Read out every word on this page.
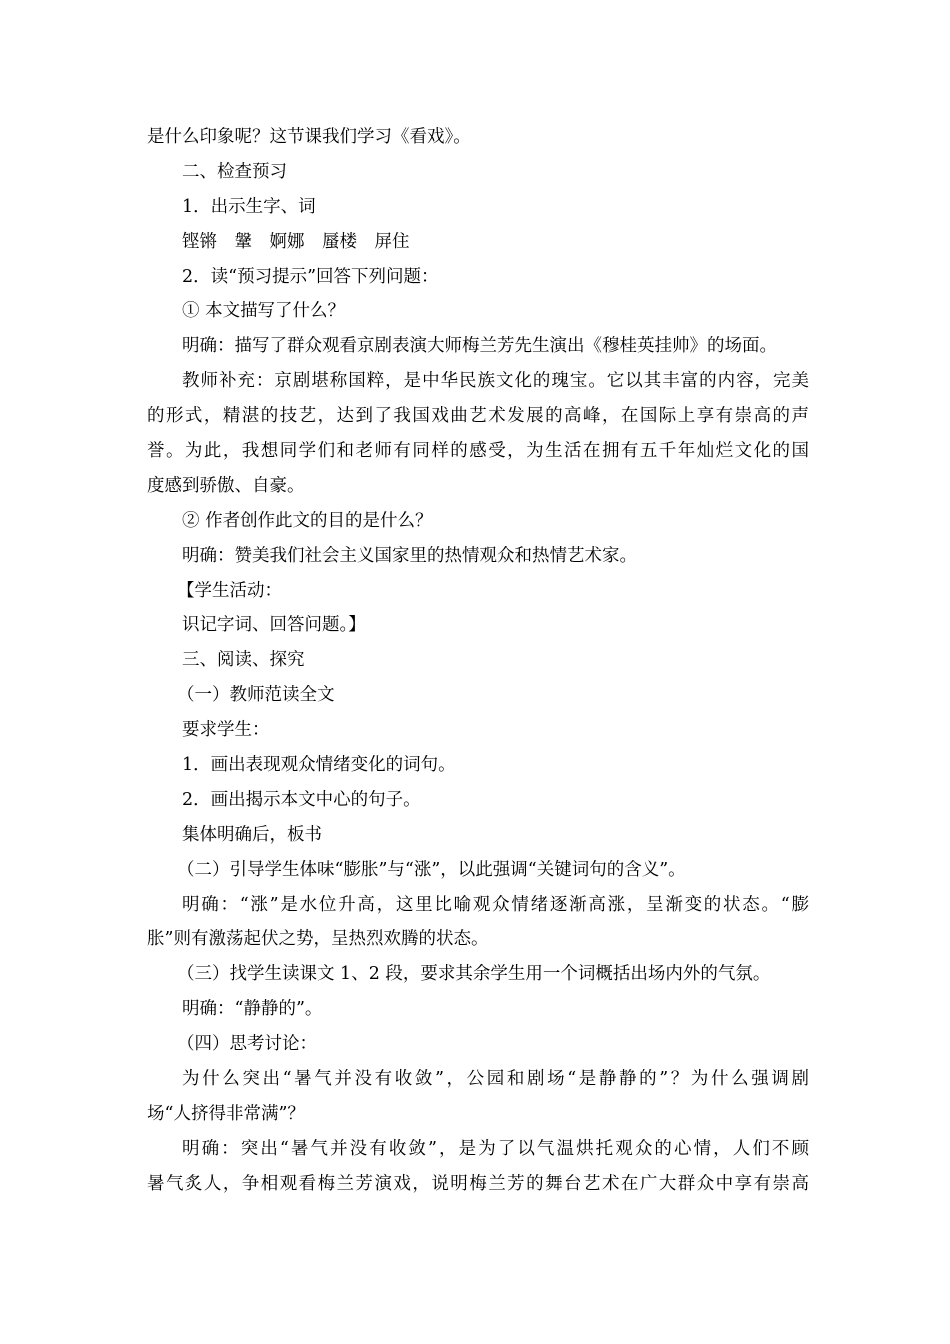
是什么印象呢？这节课我们学习《看戏》。
二、检查预习
1．出示生字、词
铿锵　鞶　婀娜　蜃楼　屏住
2．读“预习提示”回答下列问题：
① 本文描写了什么？
明确：描写了群众观看京剧表演大师梅兰芳先生演出《穆桂英挂帅》的场面。
教师补充：京剧堪称国粹，是中华民族文化的瑰宝。它以其丰富的内容，完美
的形式，精湛的技艺，达到了我国戏曲艺术发展的高峰，在国际上享有崇高的声
誉。为此，我想同学们和老师有同样的感受，为生活在拥有五千年灿烂文化的国
度感到骄傲、自豪。
② 作者创作此文的目的是什么？
明确：赞美我们社会主义国家里的热情观众和热情艺术家。
【学生活动：
识记字词、回答问题。】
三、阅读、探究
（一）教师范读全文
要求学生：
1．画出表现观众情绪变化的词句。
2．画出揭示本文中心的句子。
集体明确后，板书
（二）引导学生体味“膨胀”与“涨”，以此强调“关键词句的含义”。
明确：“涨”是水位升高，这里比喻观众情绪逐渐高涨，呈渐变的状态。“膨
胀”则有激荡起伏之势，呈热烈欢腾的状态。
（三）找学生读课文 1、2 段，要求其余学生用一个词概括出场内外的气氛。
明确：“静静的”。
（四）思考讨论：
为什么突出“暑气并没有收敛”，公园和剧场“是静静的”？为什么强调剧
场“人挤得非常满”？
明确：突出“暑气并没有收敛”，是为了以气温烘托观众的心情，人们不顾
暑气炙人，争相观看梅兰芳演戏，说明梅兰芳的舞台艺术在广大群众中享有崇高
